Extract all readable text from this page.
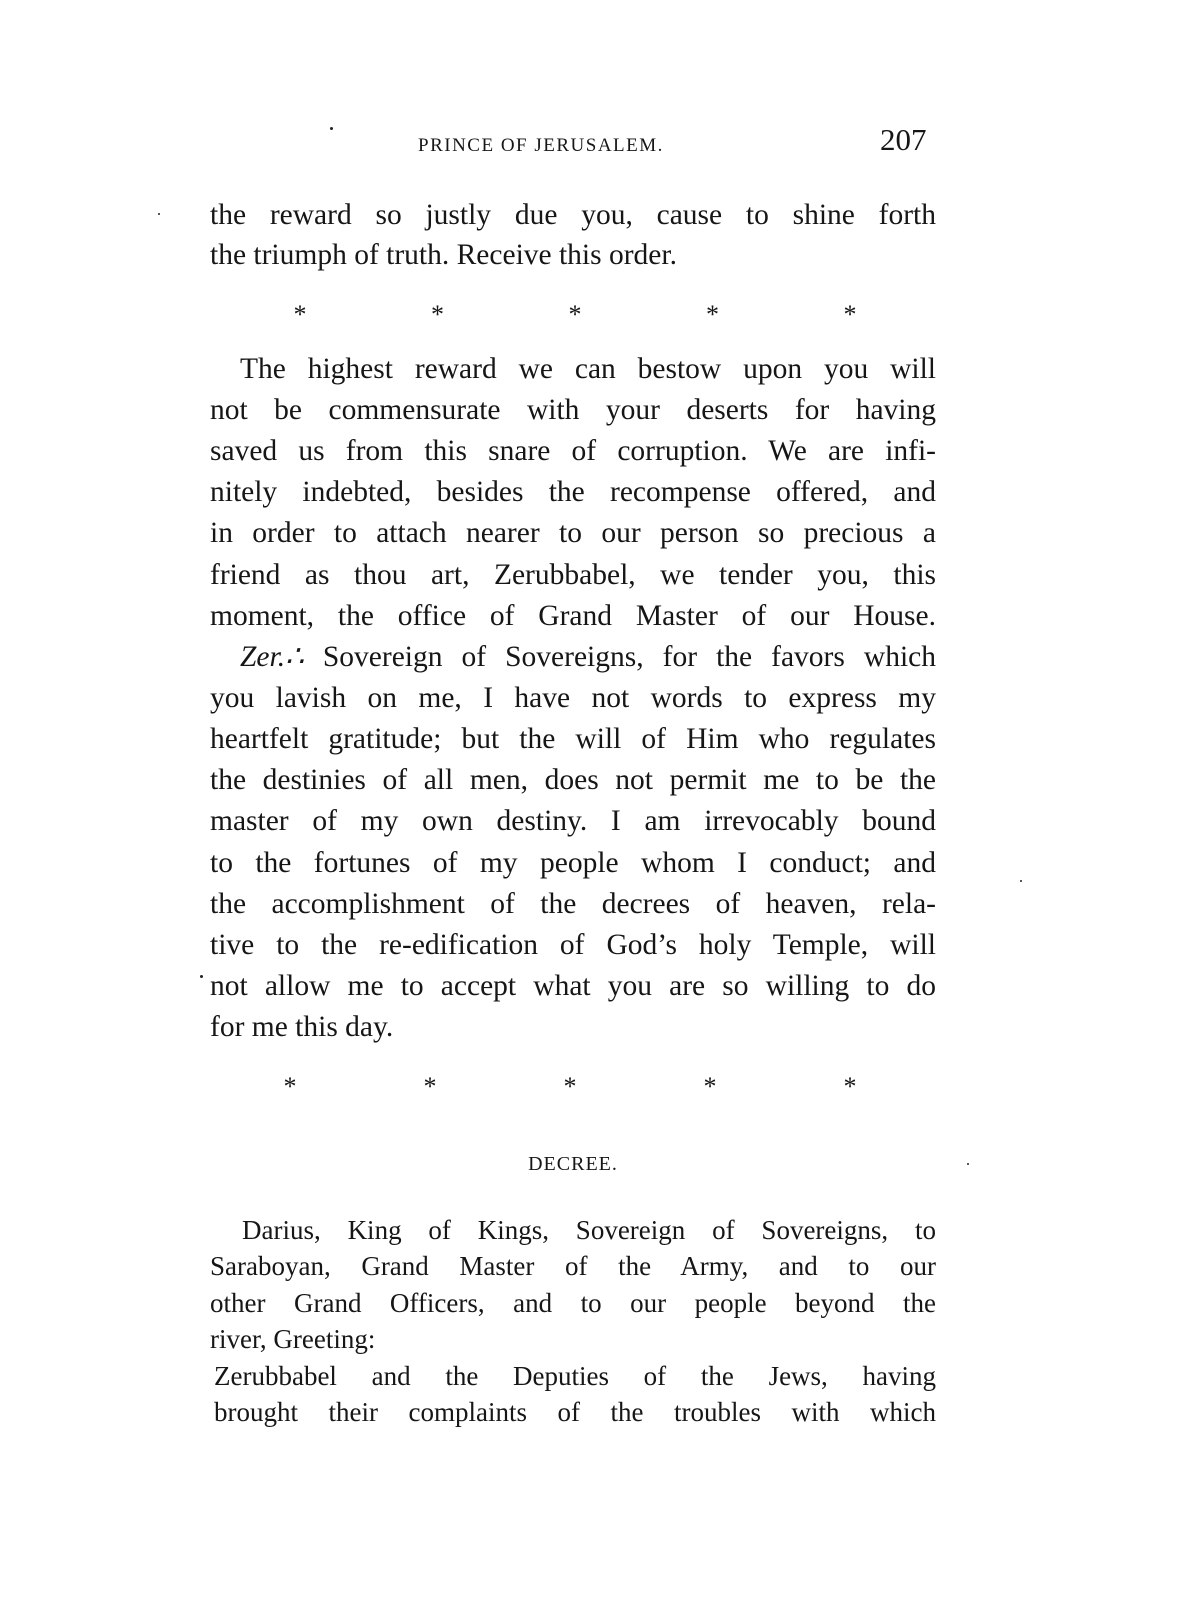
PRINCE OF JERUSALEM.	207
the reward so justly due you, cause to shine forth
the triumph of truth. Receive this order.
*	*	*	*	*
The highest reward we can bestow upon you will
not be commensurate with your deserts for having
saved us from this snare of corruption. We are infi-
nitely indebted, besides the recompense offered, and
in order to attach nearer to our person so precious a
friend as thou art, Zerubbabel, we tender you, this
moment, the office of Grand Master of our House.
Zer.∴ Sovereign of Sovereigns, for the favors which
you lavish on me, I have not words to express my
heartfelt gratitude; but the will of Him who regulates
the destinies of all men, does not permit me to be the
master of my own destiny. I am irrevocably bound
to the fortunes of my people whom I conduct; and
the accomplishment of the decrees of heaven, rela-
tive to the re-edification of God’s holy Temple, will
not allow me to accept what you are so willing to do
for me this day.
*	*	*	*	*
DECREE.
Darius, King of Kings, Sovereign of Sovereigns, to
Saraboyan, Grand Master of the Army, and to our
other Grand Officers, and to our people beyond the
river, Greeting:
Zerubbabel and the Deputies of the Jews, having
brought their complaints of the troubles with which
